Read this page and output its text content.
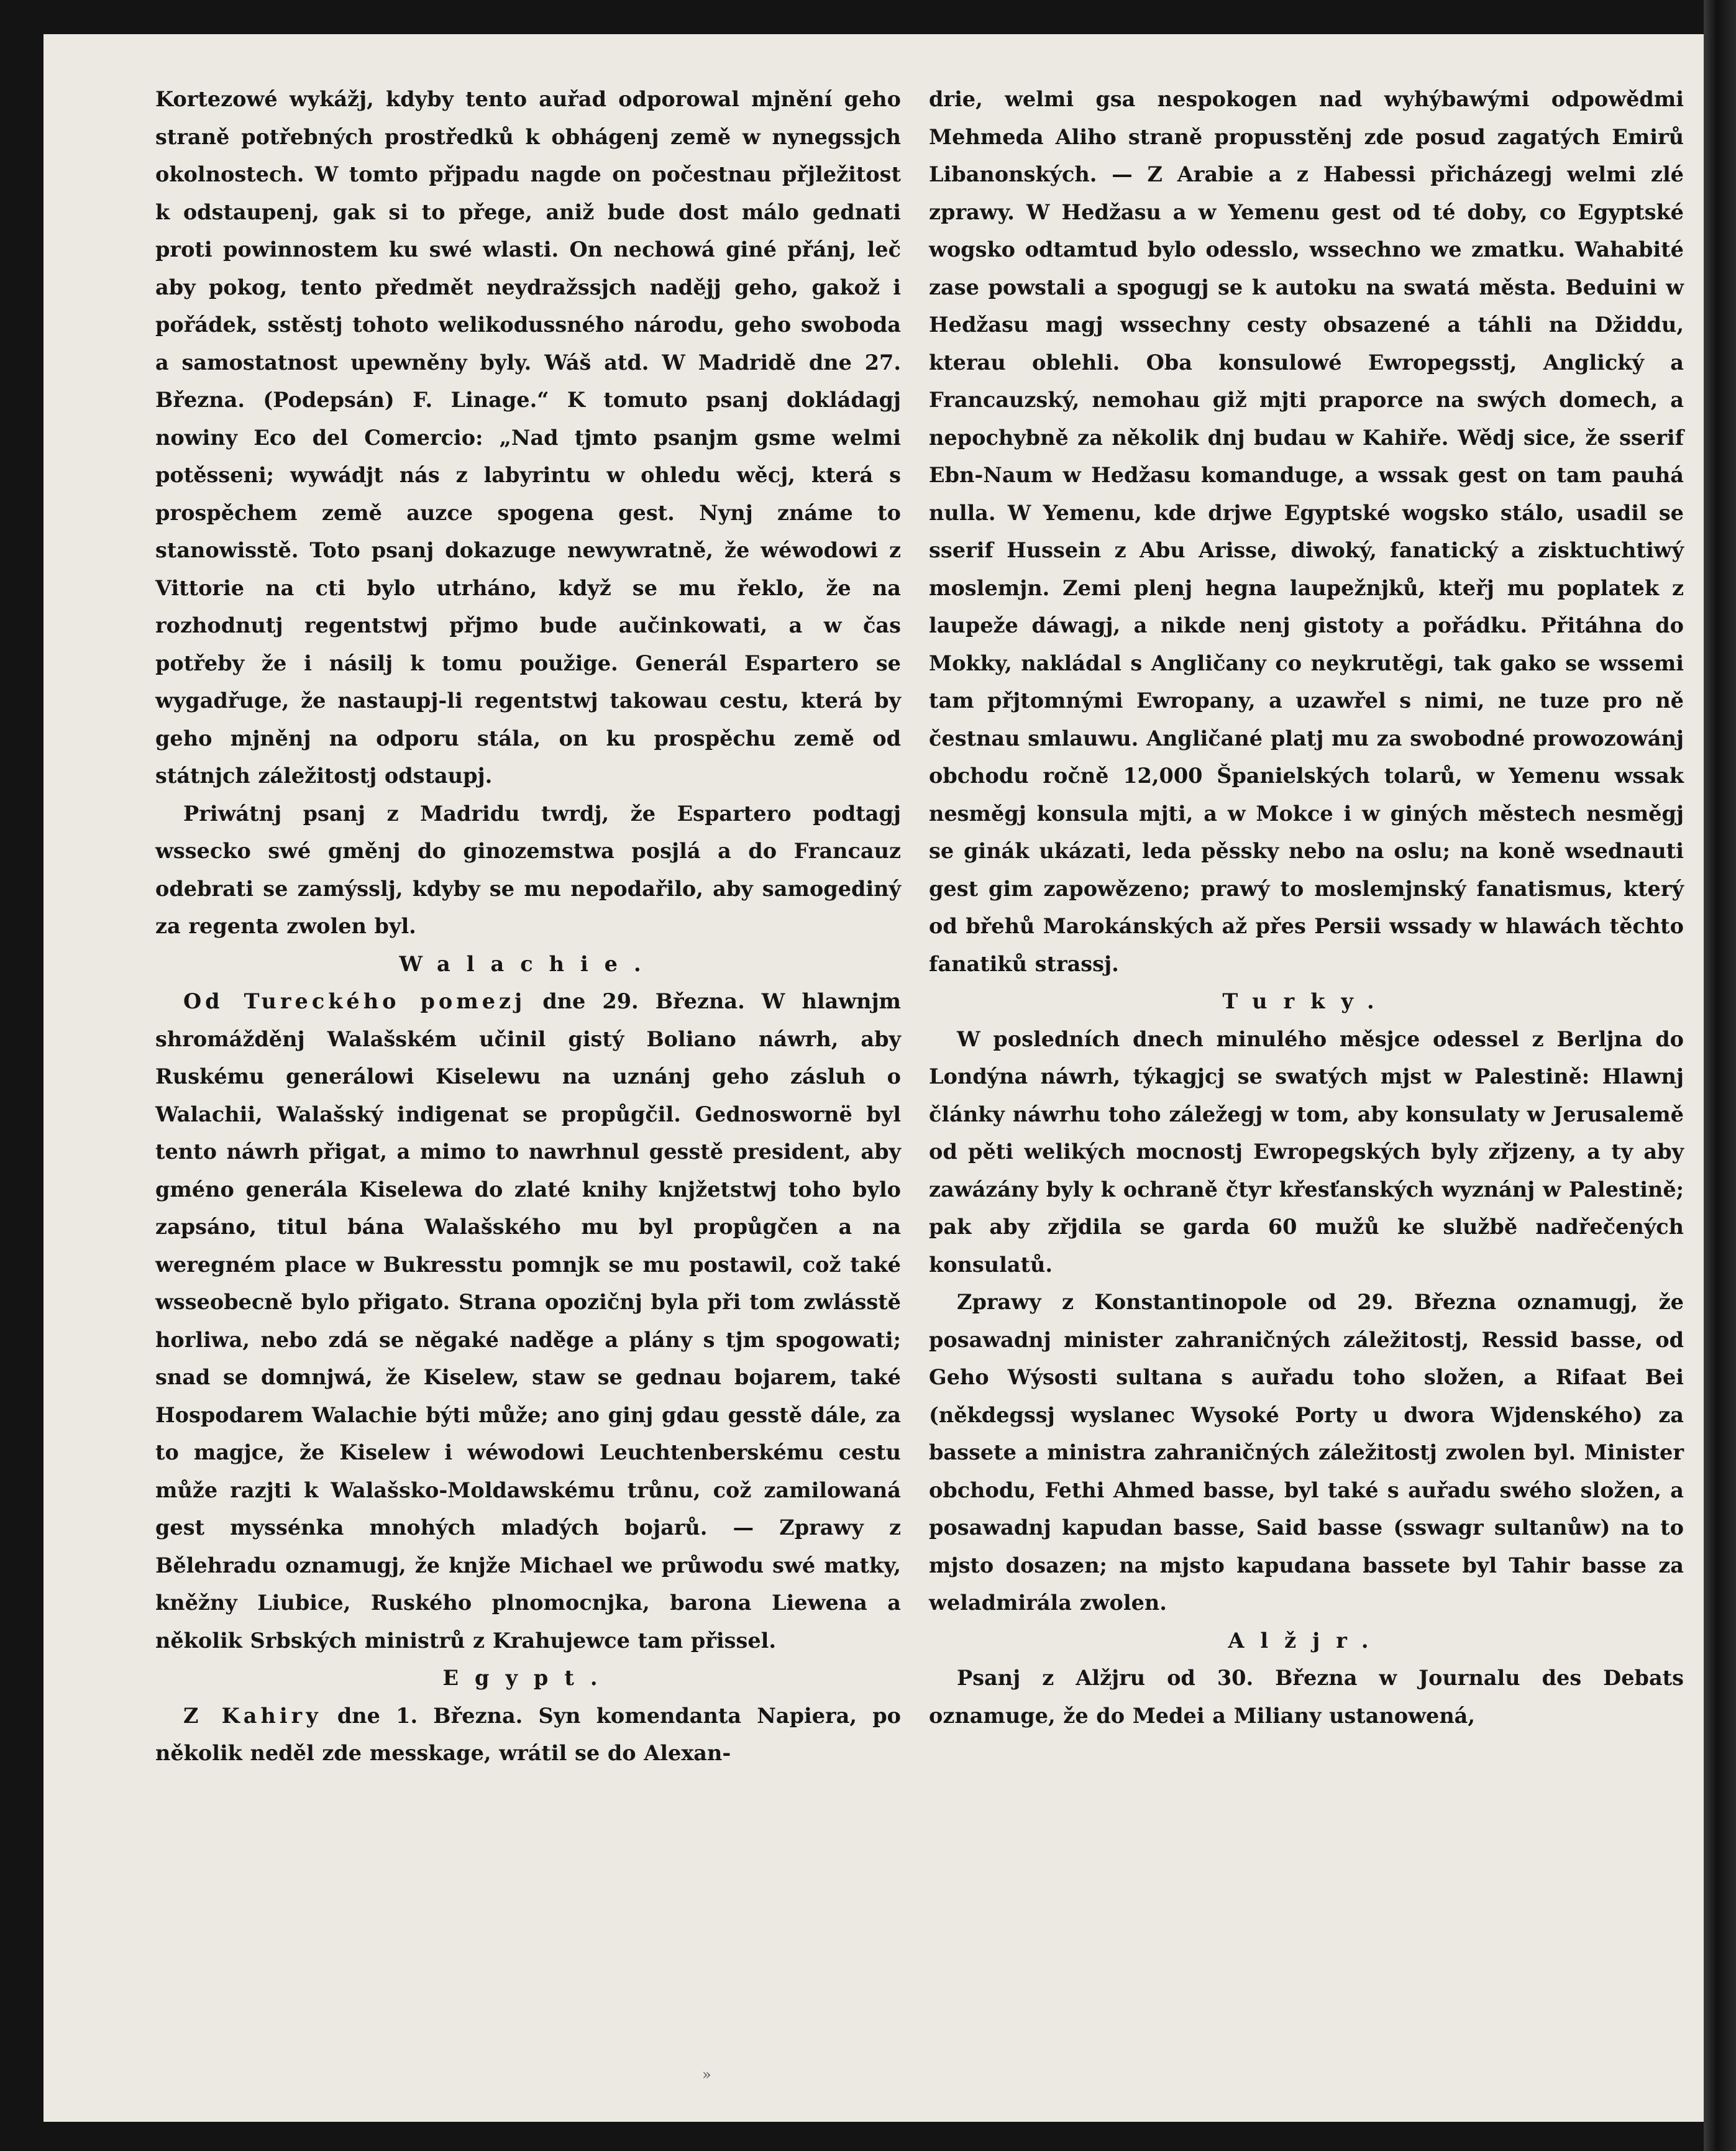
Kortezowé wykážj, kdyby tento auřad odporowal mjnění geho straně potřebných prostředků k obhágenj země w nynegssjch okolnostech. W tomto přjpadu nagde on počestnau přjležitost k odstaupenj, gak si to přege, aniž bude dost málo gednati proti powinnostem ku swé wlasti. On nechowá giné přánj, leč aby pokog, tento předmět neydražssjch nadějj geho, gakož i pořádek, sstěstj tohoto welikodussného národu, geho swoboda a samostatnost upewněny byly. Wáš atd. W Madridě dne 27. Března. (Podepsán) F. Linage.“ K tomuto psanj dokládagj nowiny Eco del Comercio: „Nad tjmto psanjm gsme welmi potěsseni; wywádjt nás z labyrintu w ohledu wěcj, která s prospěchem země auzce spogena gest. Nynj známe to stanowisstě. Toto psanj dokazuge newywratně, že wéwodowi z Vittorie na cti bylo utrháno, když se mu řeklo, že na rozhodnutj regentstwj přjmo bude aučinkowati, a w čas potřeby že i násilj k tomu použige. Generál Espartero se wygadřuge, že nastaupj-li regentstwj takowau cestu, která by geho mjněnj na odporu stála, on ku prospěchu země od státnjch záležitostj odstaupj.

Priwátnj psanj z Madridu twrdj, že Espartero podtagj wssecko swé gměnj do ginozemstwa posjlá a do Francauz odebrati se zamýsslj, kdyby se mu nepodařilo, aby samogediný za regenta zwolen byl.

Walachie.

Od Tureckého pomezj dne 29. Března. W hlawnjm shromážděnj Walašském učinil gistý Boliano náwrh, aby Ruskému generálowi Kiselewu na uznánj geho zásluh o Walachii, Walašský indigenat se propůgčil. Gednoswornë byl tento náwrh přigat, a mimo to nawrhnul gesstě president, aby gméno generála Kiselewa do zlaté knihy knjžetstwj toho bylo zapsáno, titul bána Walašského mu byl propůgčen a na weregném place w Bukresstu pomnjk se mu postawil, což také wsseobecně bylo přigato. Strana opozičnj byla při tom zwlásstě horliwa, nebo zdá se nĕgaké naděge a plány s tjm spogowati; snad se domnjwá, že Kiselew, staw se gednau bojarem, také Hospodarem Walachie býti může; ano ginj gdau gesstě dále, za to magjce, že Kiselew i wéwodowi Leuchtenberskému cestu může razjti k Walašsko-Moldawskému trůnu, což zamilowaná gest myssénka mnohých mladých bojarů. — Zprawy z Bělehradu oznamugj, že knjže Michael we průwodu swé matky, kněžny Liubice, Ruského plnomocnjka, barona Liewena a několik Srbských ministrů z Krahujewce tam přissel.

Egypt.

Z Kahiry dne 1. Března. Syn komendanta Napiera, po několik neděl zde messkage, wrátil se do Alexan-

drie, welmi gsa nespokogen nad wyhýbawými odpowědmi Mehmeda Aliho straně propusstěnj zde posud zagatých Emirů Libanonských. — Z Arabie a z Habessi přicházegj welmi zlé zprawy. W Hedžasu a w Yemenu gest od té doby, co Egyptské wogsko odtamtud bylo odesslo, wssechno we zmatku. Wahabité zase powstali a spogugj se k autoku na swatá města. Beduini w Hedžasu magj wssechny cesty obsazené a táhli na Džiddu, kterau oblehli. Oba konsulowé Ewropegsstj, Anglický a Francauzský, nemohau giž mjti praporce na swých domech, a nepochybně za několik dnj budau w Kahiře. Wědj sice, že sserif Ebn-Naum w Hedžasu komanduge, a wssak gest on tam pauhá nulla. W Yemenu, kde drjwe Egyptské wogsko stálo, usadil se sserif Hussein z Abu Arisse, diwoký, fanatický a zisktuchtiwý moslemjn. Zemi plenj hegna laupežnjků, kteřj mu poplatek z laupeže dáwagj, a nikde nenj gistoty a pořádku. Přitáhna do Mokky, nakládal s Angličany co neykrutěgi, tak gako se wssemi tam přjtomnými Ewropany, a uzawřel s nimi, ne tuze pro ně čestnau smlauwu. Angličané platj mu za swobodné prowozowánj obchodu ročně 12,000 Španielských tolarů, w Yemenu wssak nesměgj konsula mjti, a w Mokce i w giných městech nesměgj se ginák ukázati, leda pěssky nebo na oslu; na koně wsednauti gest gim zapowězeno; prawý to moslemjnský fanatismus, který od břehů Marokánských až přes Persii wssady w hlawách těchto fanatiků strassj.

Turky.

W posledních dnech minulého měsjce odessel z Berljna do Londýna náwrh, týkagjcj se swatých mjst w Palestině: Hlawnj články náwrhu toho záležegj w tom, aby konsulaty w Jerusalemě od pěti welikých mocnostj Ewropegských byly zřjzeny, a ty aby zawázány byly k ochraně čtyr křesťanských wyznánj w Palestině; pak aby zřjdila se garda 60 mužů ke službě nadřečených konsulatů.

Zprawy z Konstantinopole od 29. Března oznamugj, že posawadnj minister zahraničných záležitostj, Ressid basse, od Geho Wýsosti sultana s auřadu toho složen, a Rifaat Bei (někdegssj wyslanec Wysoké Porty u dwora Wjdenského) za bassete a ministra zahraničných záležitostj zwolen byl. Minister obchodu, Fethi Ahmed basse, byl také s auřadu swého složen, a posawadnj kapudan basse, Said basse (sswagr sultanůw) na to mjsto dosazen; na mjsto kapudana bassete byl Tahir basse za weladmirála zwolen.

Alžjr.

Psanj z Alžjru od 30. Března w Journalu des Debats oznamuge, že do Medei a Miliany ustanowená,

»
